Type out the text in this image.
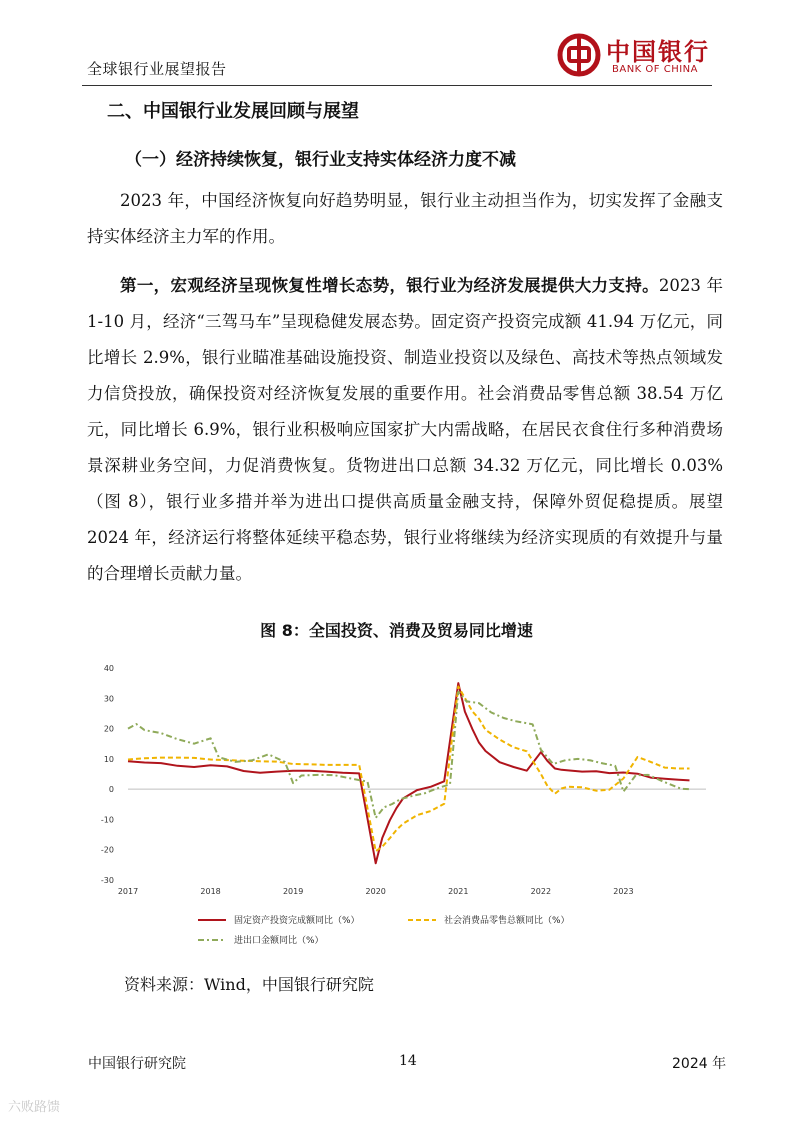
全球银行业展望报告
中国银行
BANK OF CHINA
二、中国银行业发展回顾与展望
（一）经济持续恢复，银行业支持实体经济力度不减
2023 年，中国经济恢复向好趋势明显，银行业主动担当作为，切实发挥了金融支持实体经济主力军的作用。
第一，宏观经济呈现恢复性增长态势，银行业为经济发展提供大力支持。2023 年 1-10 月，经济“三驾马车”呈现稳健发展态势。固定资产投资完成额 41.94 万亿元，同比增长 2.9%，银行业瞄准基础设施投资、制造业投资以及绿色、高技术等热点领域发力信贷投放，确保投资对经济恢复发展的重要作用。社会消费品零售总额 38.54 万亿元，同比增长 6.9%，银行业积极响应国家扩大内需战略，在居民衣食住行多种消费场景深耕业务空间，力促消费恢复。货物进出口总额 34.32 万亿元，同比增长 0.03%（图 8），银行业多措并举为进出口提供高质量金融支持，保障外贸促稳提质。展望 2024 年，经济运行将整体延续平稳态势，银行业将继续为经济实现质的有效提升与量的合理增长贡献力量。
图 8：全国投资、消费及贸易同比增速
-30
-20
-10
0
10
20
30
40
2017	2018	2019	2020	2021	2022	2023
固定资产投资完成额同比（%）	社会消费品零售总额同比（%）
进出口金额同比（%）
资料来源：Wind，中国银行研究院
中国银行研究院	14	2024 年
六败路馈
